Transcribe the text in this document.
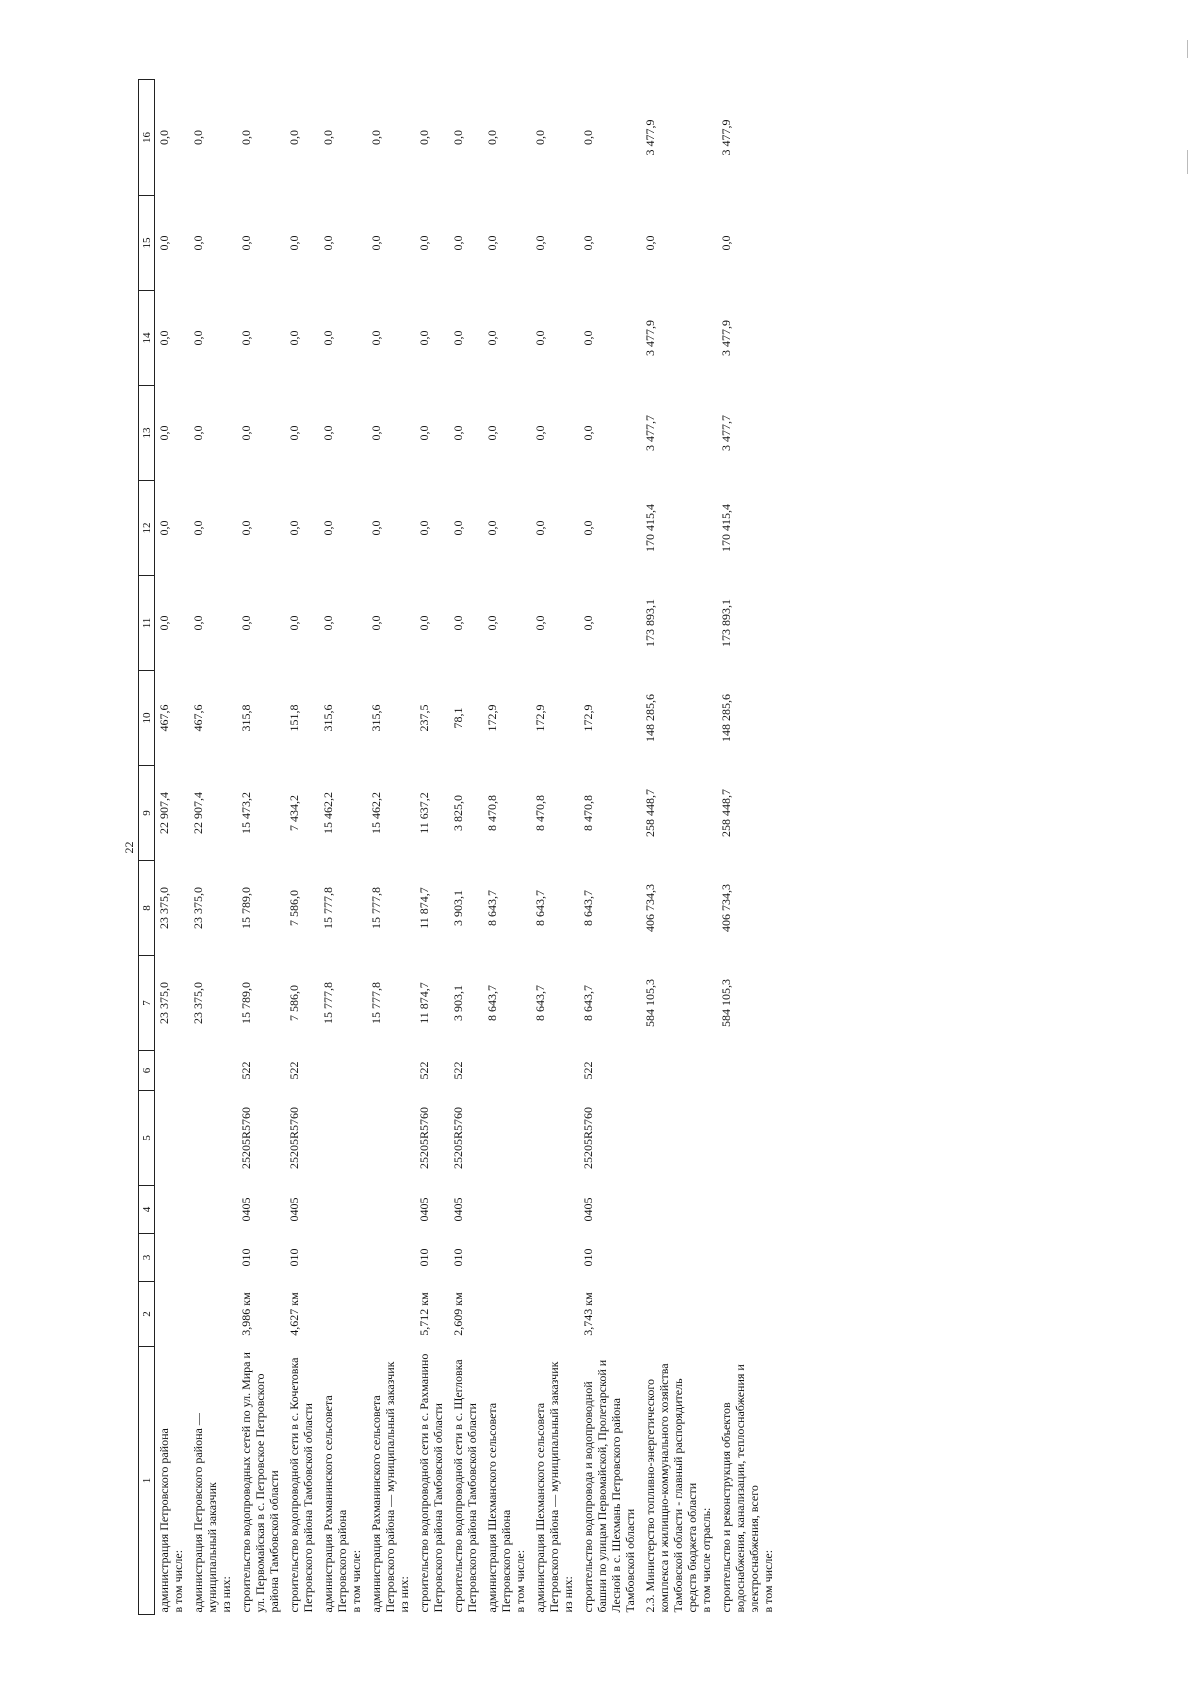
22
1	2	3	4	5	6	7	8	9	10	11	12	13	14	15	16

администрация Петровского района в том числе:						23 375,0	23 375,0	22 907,4	467,6	0,0	0,0	0,0	0,0	0,0	0,0

администрация Петровского района — муниципальный заказчик из них:						23 375,0	23 375,0	22 907,4	467,6	0,0	0,0	0,0	0,0	0,0	0,0

строительство водопроводных сетей по ул. Мира и ул. Первомайская в с. Петровское Петровского района Тамбовской области	3,986 км	010	0405	25205R5760	522	15 789,0	15 789,0	15 473,2	315,8	0,0	0,0	0,0	0,0	0,0	0,0

строительство водопроводной сети в с. Кочетовка Петровского района Тамбовской области	4,627 км	010	0405	25205R5760	522	7 586,0	7 586,0	7 434,2	151,8	0,0	0,0	0,0	0,0	0,0	0,0

администрация Рахманинского сельсовета Петровского района в том числе:						15 777,8	15 777,8	15 462,2	315,6	0,0	0,0	0,0	0,0	0,0	0,0

администрация Рахманинского сельсовета Петровского района — муниципальный заказчик из них:						15 777,8	15 777,8	15 462,2	315,6	0,0	0,0	0,0	0,0	0,0	0,0

строительство водопроводной сети в с. Рахманино Петровского района Тамбовской области	5,712 км	010	0405	25205R5760	522	11 874,7	11 874,7	11 637,2	237,5	0,0	0,0	0,0	0,0	0,0	0,0

строительство водопроводной сети в с. Щегловка Петровского района Тамбовской области	2,609 км	010	0405	25205R5760	522	3 903,1	3 903,1	3 825,0	78,1	0,0	0,0	0,0	0,0	0,0	0,0

администрация Шехманского сельсовета Петровского района в том числе:						8 643,7	8 643,7	8 470,8	172,9	0,0	0,0	0,0	0,0	0,0	0,0

администрация Шехманского сельсовета Петровского района — муниципальный заказчик из них:						8 643,7	8 643,7	8 470,8	172,9	0,0	0,0	0,0	0,0	0,0	0,0

строительство водопровода и водопроводной башни по улицам Первомайской, Пролетарской и Лесной в с. Шехмань Петровского района Тамбовской области	3,743 км	010	0405	25205R5760	522	8 643,7	8 643,7	8 470,8	172,9	0,0	0,0	0,0	0,0	0,0	0,0

2.3. Министерство топливно-энергетического комплекса и жилищно-коммунального хозяйства Тамбовской области - главный распорядитель средств бюджета области в том числе отрасль:						584 105,3	406 734,3	258 448,7	148 285,6	173 893,1	170 415,4	3 477,7	3 477,9	0,0	3 477,9

строительство и реконструкция объектов водоснабжения, канализации, теплоснабжения и электроснабжения, всего в том числе:						584 105,3	406 734,3	258 448,7	148 285,6	173 893,1	170 415,4	3 477,7	3 477,9	0,0	3 477,9
